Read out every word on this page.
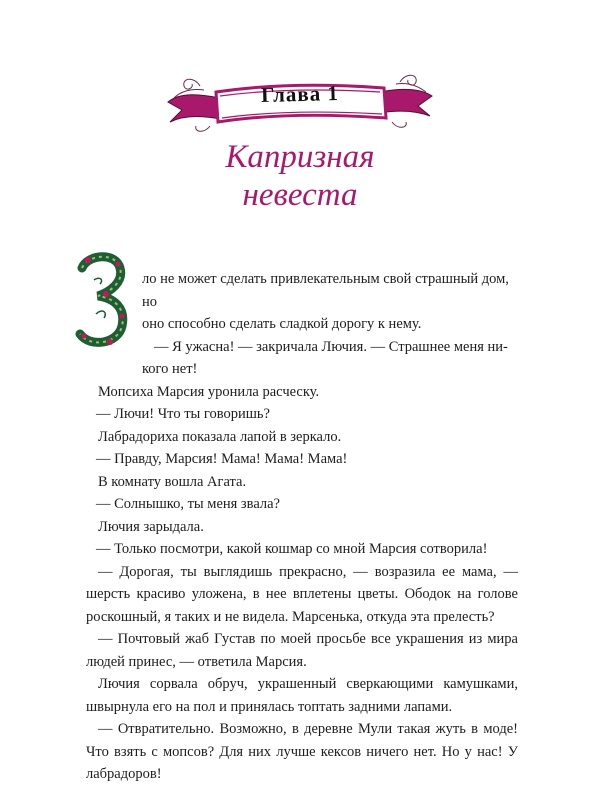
Глава 1
Капризная
невеста

ло не может сделать привлекательным свой страшный дом, но

оно способно сделать сладкой дорогу к нему.

— Я ужасна! — закричала Лючия. — Страшнее меня ни-

кого нет!

Мопсиха Марсия уронила расческу.

— Лючи! Что ты говоришь?

Лабрадориха показала лапой в зеркало.

— Правду, Марсия! Мама! Мама! Мама!

В комнату вошла Агата.

— Солнышко, ты меня звала?

Лючия зарыдала.

— Только посмотри, какой кошмар со мной Марсия сотворила!

— Дорогая, ты выглядишь прекрасно, — возразила ее мама, — шерсть красиво уложена, в нее вплетены цветы. Ободок на голове роскошный, я таких и не видела. Марсенька, откуда эта прелесть?

— Почтовый жаб Густав по моей просьбе все украшения из мира людей принес, — ответила Марсия.

Лючия сорвала обруч, украшенный сверкающими камушками, швырнула его на пол и принялась топтать задними лапами.

— Отвратительно. Возможно, в деревне Мули такая жуть в моде! Что взять с мопсов? Для них лучше кексов ничего нет. Но у нас! У лабрадоров!
